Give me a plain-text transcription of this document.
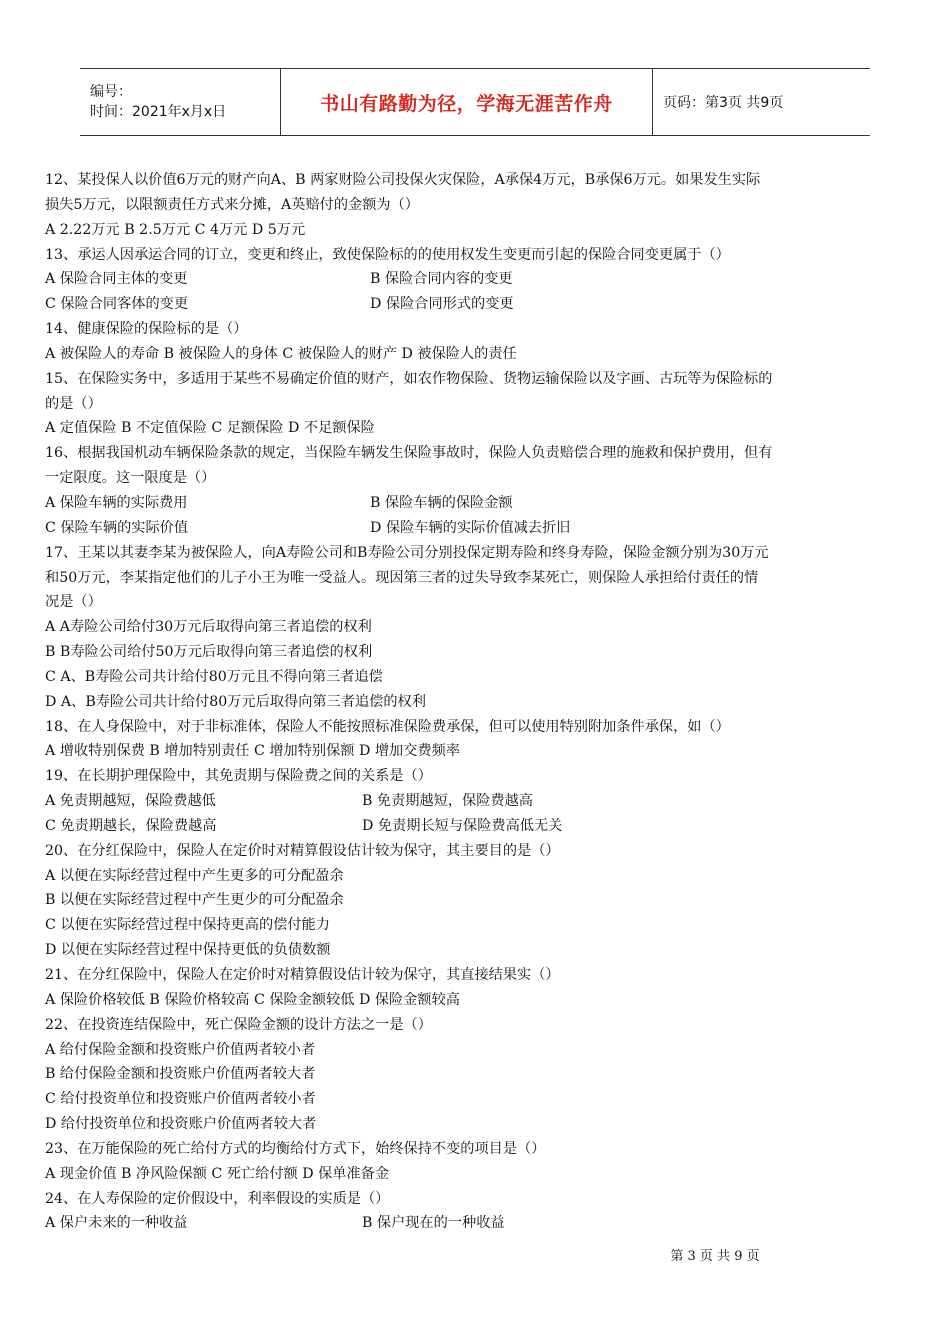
编号：
时间：2021年x月x日	书山有路勤为径，学海无涯苦作舟	页码：第3页 共9页
12、某投保人以价值6万元的财产向A、B 两家财险公司投保火灾保险，A承保4万元，B承保6万元。如果发生实际
损失5万元，以限额责任方式来分摊，A英赔付的金额为（）
A 2.22万元 B 2.5万元 C 4万元 D 5万元
13、承运人因承运合同的订立，变更和终止，致使保险标的的使用权发生变更而引起的保险合同变更属于（）
A 保险合同主体的变更	B 保险合同内容的变更
C 保险合同客体的变更	D 保险合同形式的变更
14、健康保险的保险标的是（）
A 被保险人的寿命 B 被保险人的身体 C 被保险人的财产 D 被保险人的责任
15、在保险实务中，多适用于某些不易确定价值的财产，如农作物保险、货物运输保险以及字画、古玩等为保险标的
的是（）
A 定值保险 B 不定值保险 C 足额保险 D 不足额保险
16、根据我国机动车辆保险条款的规定，当保险车辆发生保险事故时，保险人负责赔偿合理的施救和保护费用，但有
一定限度。这一限度是（）
A 保险车辆的实际费用	B 保险车辆的保险金额
C 保险车辆的实际价值	D 保险车辆的实际价值减去折旧
17、王某以其妻李某为被保险人，向A寿险公司和B寿险公司分别投保定期寿险和终身寿险，保险金额分别为30万元
和50万元，李某指定他们的儿子小王为唯一受益人。现因第三者的过失导致李某死亡，则保险人承担给付责任的情
况是（）
A A寿险公司给付30万元后取得向第三者追偿的权利
B B寿险公司给付50万元后取得向第三者追偿的权利
C A、B寿险公司共计给付80万元且不得向第三者追偿
D A、B寿险公司共计给付80万元后取得向第三者追偿的权利
18、在人身保险中，对于非标准体，保险人不能按照标准保险费承保，但可以使用特别附加条件承保，如（）
A 增收特别保费 B 增加特别责任 C 增加特别保额 D 增加交费频率
19、在长期护理保险中，其免责期与保险费之间的关系是（）
A 免责期越短，保险费越低	B 免责期越短，保险费越高
C 免责期越长，保险费越高	D 免责期长短与保险费高低无关
20、在分红保险中，保险人在定价时对精算假设估计较为保守，其主要目的是（）
A 以便在实际经营过程中产生更多的可分配盈余
B 以便在实际经营过程中产生更少的可分配盈余
C 以便在实际经营过程中保持更高的偿付能力
D 以便在实际经营过程中保持更低的负债数额
21、在分红保险中，保险人在定价时对精算假设估计较为保守，其直接结果实（）
A 保险价格较低 B 保险价格较高 C 保险金额较低 D 保险金额较高
22、在投资连结保险中，死亡保险金额的设计方法之一是（）
A 给付保险金额和投资账户价值两者较小者
B 给付保险金额和投资账户价值两者较大者
C 给付投资单位和投资账户价值两者较小者
D 给付投资单位和投资账户价值两者较大者
23、在万能保险的死亡给付方式的均衡给付方式下，始终保持不变的项目是（）
A 现金价值 B 净风险保额 C 死亡给付额 D 保单准备金
24、在人寿保险的定价假设中，利率假设的实质是（）
A 保户未来的一种收益	B 保户现在的一种收益
第 3 页 共 9 页
